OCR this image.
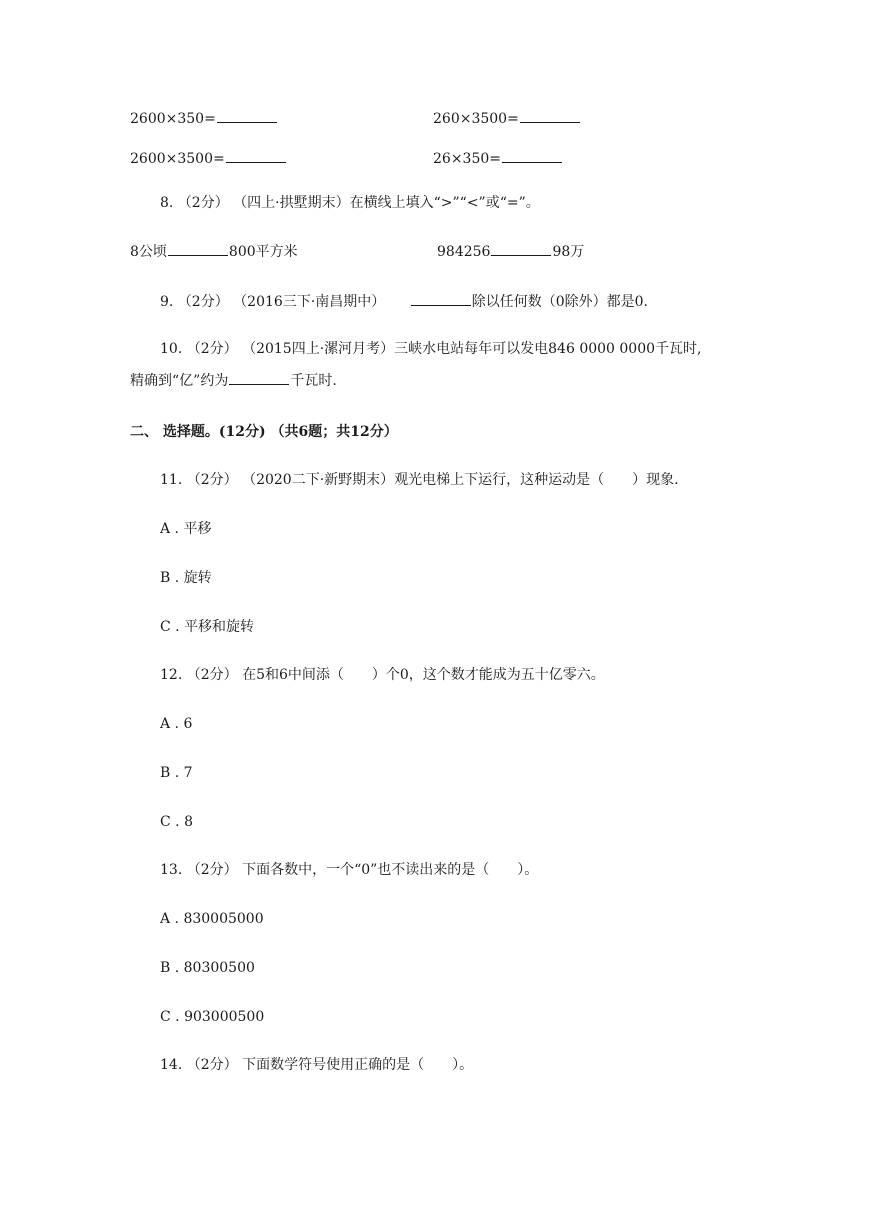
2600×350=	260×3500=
2600×3500=	26×350=
8. （2分） （四上·拱墅期末）在横线上填入“>”“<”或“=”。
8公顷	800平方米	984256	98万
9. （2分） （2016三下·南昌期中）	除以任何数（0除外）都是0.
10. （2分） （2015四上·漯河月考）三峡水电站每年可以发电846 0000 0000千瓦时,
精确到“亿”约为	千瓦时.
二、 选择题。(12分) （共6题；共12分）
11. （2分） （2020二下·新野期末）观光电梯上下运行，这种运动是（　　）现象.
A . 平移
B . 旋转
C . 平移和旋转
12. （2分） 在5和6中间添（　　）个0，这个数才能成为五十亿零六。
A . 6
B . 7
C . 8
13. （2分） 下面各数中，一个“0”也不读出来的是（　　）。
A . 830005000
B . 80300500
C . 903000500
14. （2分） 下面数学符号使用正确的是（　　）。
